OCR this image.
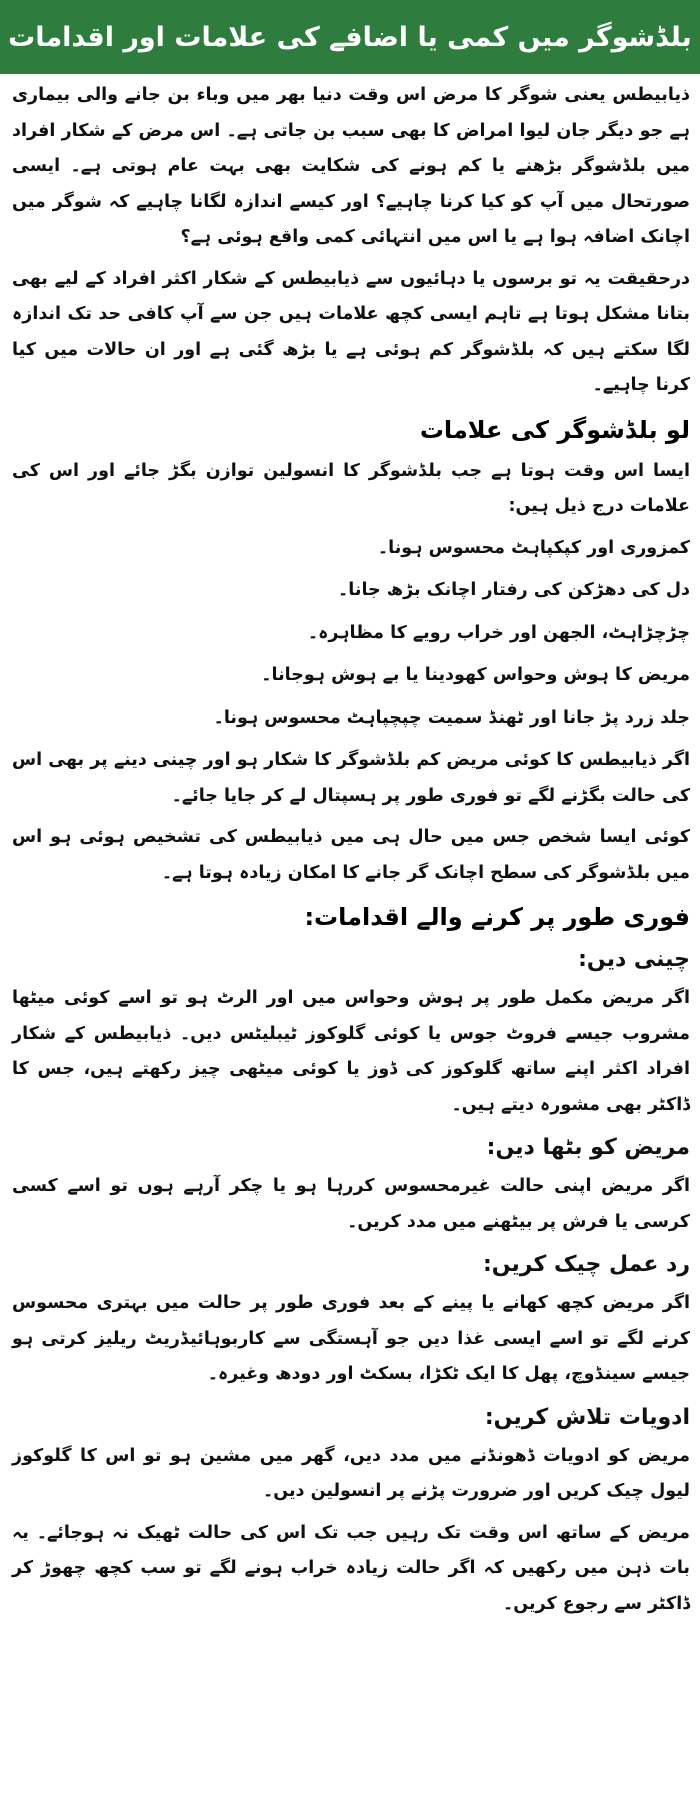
بلڈشوگر میں کمی یا اضافے کی علامات اور اقدامات

ذیابیطس یعنی شوگر کا مرض اس وقت دنیا بھر میں وباء بن جانے والی بیماری ہے جو دیگر جان لیوا امراض کا بھی سبب بن جاتی ہے۔ اس مرض کے شکار افراد میں بلڈشوگر بڑھنے یا کم ہونے کی شکایت بھی بہت عام ہوتی ہے۔ ایسی صورتحال میں آپ کو کیا کرنا چاہیے؟ اور کیسے اندازہ لگانا چاہیے کہ شوگر میں اچانک اضافہ ہوا ہے یا اس میں انتہائی کمی واقع ہوئی ہے؟

درحقیقت یہ تو برسوں یا دہائیوں سے ذیابیطس کے شکار اکثر افراد کے لیے بھی بتانا مشکل ہوتا ہے تاہم ایسی کچھ علامات ہیں جن سے آپ کافی حد تک اندازہ لگا سکتے ہیں کہ بلڈشوگر کم ہوئی ہے یا بڑھ گئی ہے اور ان حالات میں کیا کرنا چاہیے۔

لو بلڈشوگر کی علامات

ایسا اس وقت ہوتا ہے جب بلڈشوگر کا انسولین توازن بگڑ جائے اور اس کی علامات درج ذیل ہیں:

کمزوری اور کپکپاہٹ محسوس ہونا۔

دل کی دھڑکن کی رفتار اچانک بڑھ جانا۔

چڑچڑاہٹ، الجھن اور خراب رویے کا مظاہرہ۔

مریض کا ہوش وحواس کھودینا یا بے ہوش ہوجانا۔

جلد زرد پڑ جانا اور ٹھنڈ سمیت چپچپاہٹ محسوس ہونا۔

اگر ذیابیطس کا کوئی مریض کم بلڈشوگر کا شکار ہو اور چینی دینے پر بھی اس کی حالت بگڑنے لگے تو فوری طور پر ہسپتال لے کر جایا جائے۔

کوئی ایسا شخص جس میں حال ہی میں ذیابیطس کی تشخیص ہوئی ہو اس میں بلڈشوگر کی سطح اچانک گر جانے کا امکان زیادہ ہوتا ہے۔

فوری طور پر کرنے والے اقدامات:
چینی دیں:

اگر مریض مکمل طور پر ہوش وحواس میں اور الرٹ ہو تو اسے کوئی میٹھا مشروب جیسے فروٹ جوس یا کوئی گلوکوز ٹیبلیٹس دیں۔ ذیابیطس کے شکار افراد اکثر اپنے ساتھ گلوکوز کی ڈوز یا کوئی میٹھی چیز رکھتے ہیں، جس کا ڈاکٹر بھی مشورہ دیتے ہیں۔

مریض کو بٹھا دیں:

اگر مریض اپنی حالت غیرمحسوس کررہا ہو یا چکر آرہے ہوں تو اسے کسی کرسی یا فرش پر بیٹھنے میں مدد کریں۔

رد عمل چیک کریں:

اگر مریض کچھ کھانے یا پینے کے بعد فوری طور پر حالت میں بہتری محسوس کرنے لگے تو اسے ایسی غذا دیں جو آہستگی سے کاربوہائیڈریٹ ریلیز کرتی ہو جیسے سینڈوچ، پھل کا ایک ٹکڑا، بسکٹ اور دودھ وغیرہ۔

ادویات تلاش کریں:

مریض کو ادویات ڈھونڈنے میں مدد دیں، گھر میں مشین ہو تو اس کا گلوکوز لیول چیک کریں اور ضرورت پڑنے پر انسولین دیں۔

مریض کے ساتھ اس وقت تک رہیں جب تک اس کی حالت ٹھیک نہ ہوجائے۔ یہ بات ذہن میں رکھیں کہ اگر حالت زیادہ خراب ہونے لگے تو سب کچھ چھوڑ کر ڈاکٹر سے رجوع کریں۔
